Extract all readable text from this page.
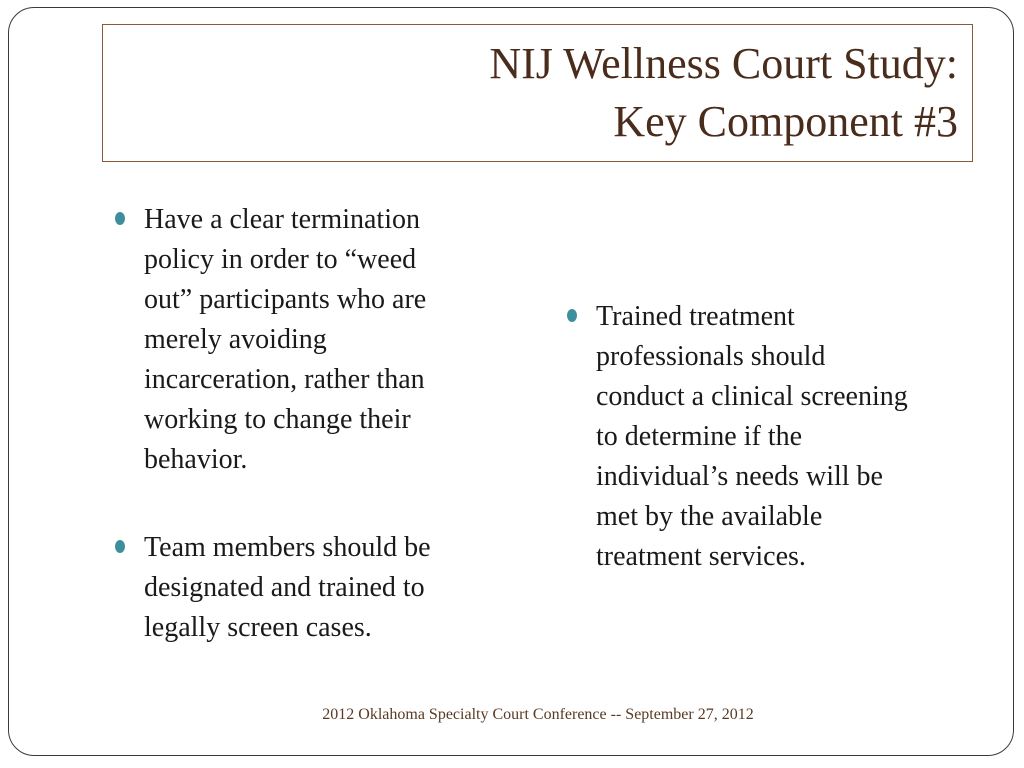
NIJ Wellness Court Study:
Key Component #3
Have a clear termination
policy in order to “weed
out” participants who are
merely avoiding
incarceration, rather than
working to change their
behavior.
Team members should be
designated and trained to
legally screen cases.
Trained treatment
professionals should
conduct a clinical screening
to determine if the
individual’s needs will be
met by the available
treatment services.
2012 Oklahoma Specialty Court Conference -- September 27, 2012
